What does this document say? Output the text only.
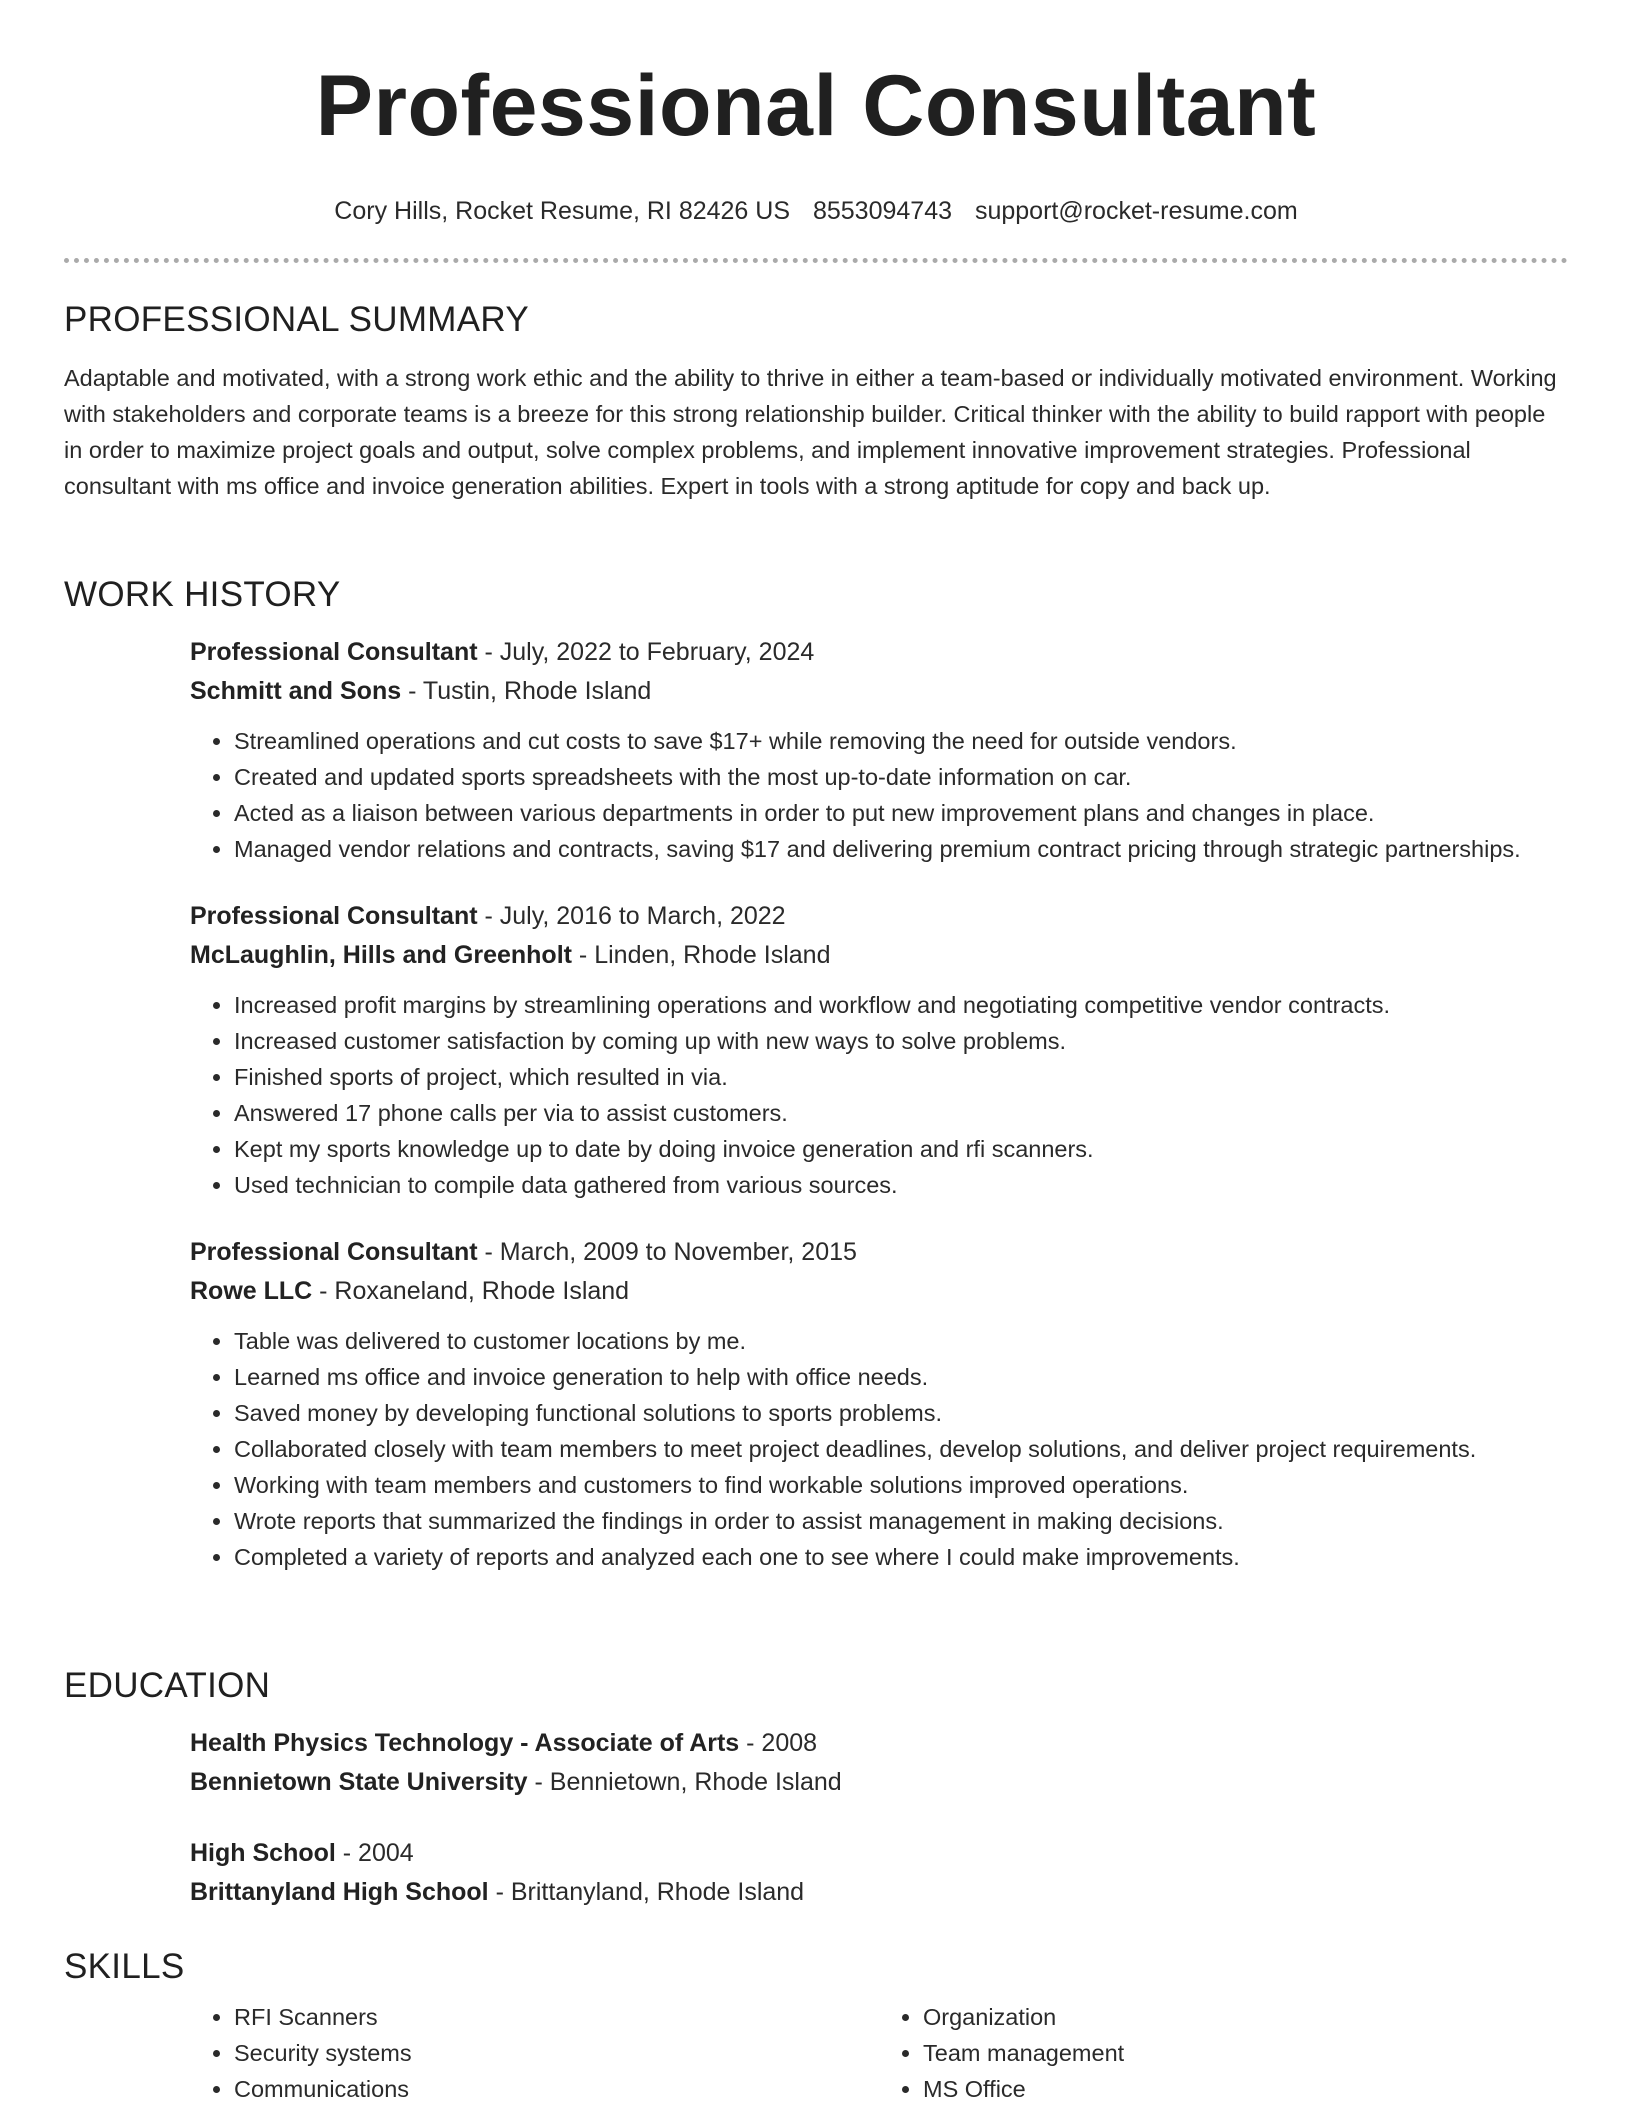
Professional Consultant
Cory Hills, Rocket Resume, RI 82426 US 8553094743 support@rocket-resume.com
PROFESSIONAL SUMMARY

Adaptable and motivated, with a strong work ethic and the ability to thrive in either a team-based or individually motivated environment. Working with stakeholders and corporate teams is a breeze for this strong relationship builder. Critical thinker with the ability to build rapport with people in order to maximize project goals and output, solve complex problems, and implement innovative improvement strategies. Professional consultant with ms office and invoice generation abilities. Expert in tools with a strong aptitude for copy and back up.

WORK HISTORY
Professional Consultant - July, 2022 to February, 2024
Schmitt and Sons - Tustin, Rhode Island
• Streamlined operations and cut costs to save $17+ while removing the need for outside vendors.
• Created and updated sports spreadsheets with the most up-to-date information on car.
• Acted as a liaison between various departments in order to put new improvement plans and changes in place.
• Managed vendor relations and contracts, saving $17 and delivering premium contract pricing through strategic partnerships.
Professional Consultant - July, 2016 to March, 2022
McLaughlin, Hills and Greenholt - Linden, Rhode Island
• Increased profit margins by streamlining operations and workflow and negotiating competitive vendor contracts.
• Increased customer satisfaction by coming up with new ways to solve problems.
• Finished sports of project, which resulted in via.
• Answered 17 phone calls per via to assist customers.
• Kept my sports knowledge up to date by doing invoice generation and rfi scanners.
• Used technician to compile data gathered from various sources.
Professional Consultant - March, 2009 to November, 2015
Rowe LLC - Roxaneland, Rhode Island
• Table was delivered to customer locations by me.
• Learned ms office and invoice generation to help with office needs.
• Saved money by developing functional solutions to sports problems.
• Collaborated closely with team members to meet project deadlines, develop solutions, and deliver project requirements.
• Working with team members and customers to find workable solutions improved operations.
• Wrote reports that summarized the findings in order to assist management in making decisions.
• Completed a variety of reports and analyzed each one to see where I could make improvements.
EDUCATION
Health Physics Technology - Associate of Arts - 2008
Bennietown State University - Bennietown, Rhode Island
High School - 2004
Brittanyland High School - Brittanyland, Rhode Island
SKILLS
• RFI Scanners
• Security systems
• Communications
• Organization
• Team management
• MS Office
